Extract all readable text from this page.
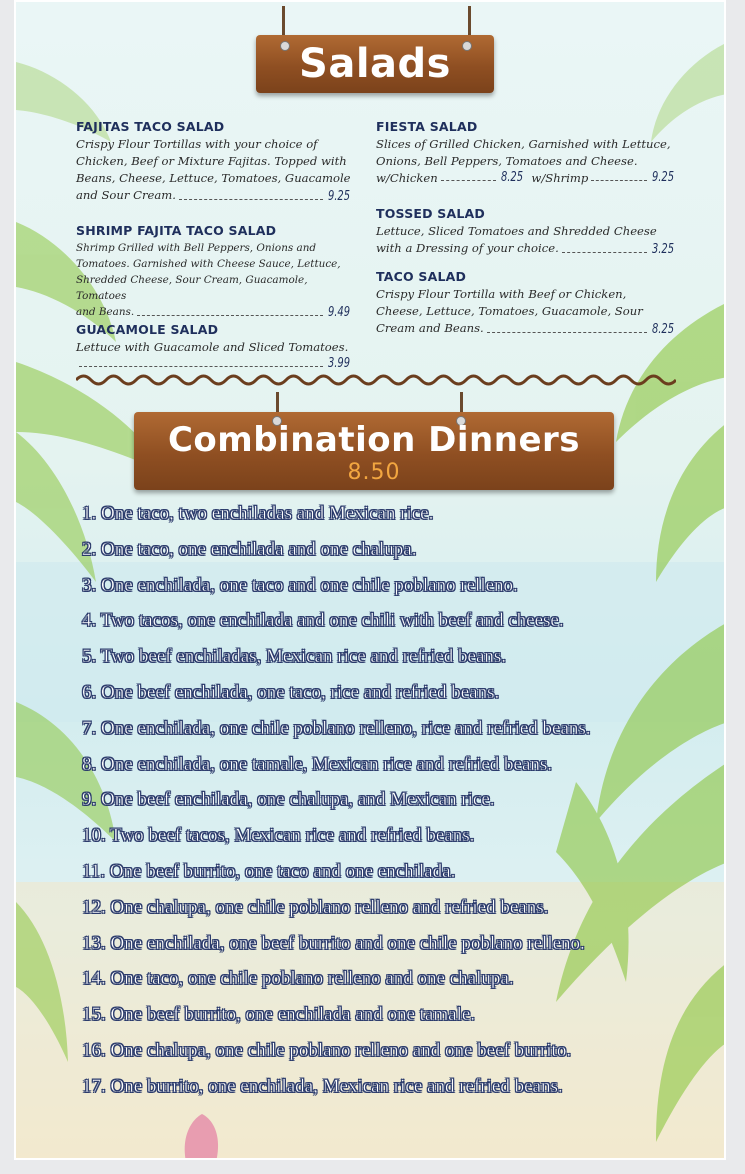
Salads
FAJITAS TACO SALAD
Crispy Flour Tortillas with your choice of Chicken, Beef or Mixture Fajitas. Topped with Beans, Cheese, Lettuce, Tomatoes, Guacamole
and Sour Cream.	9.25
SHRIMP FAJITA TACO SALAD
Shrimp Grilled with Bell Peppers, Onions and Tomatoes. Garnished with Cheese Sauce, Lettuce, Shredded Cheese, Sour Cream, Guacamole, Tomatoes
and Beans.	9.49
GUACAMOLE SALAD
Lettuce with Guacamole and Sliced Tomatoes.
3.99
FIESTA SALAD
Slices of Grilled Chicken, Garnished with Lettuce, Onions, Bell Peppers, Tomatoes and Cheese.
w/Chicken	8.25 w/Shrimp	9.25
TOSSED SALAD
Lettuce, Sliced Tomatoes and Shredded Cheese
with a Dressing of your choice.	3.25
TACO SALAD
Crispy Flour Tortilla with Beef or Chicken, Cheese, Lettuce, Tomatoes, Guacamole, Sour
Cream and Beans.	8.25
Combination Dinners
8.50
1. One taco, two enchiladas and Mexican rice.
2. One taco, one enchilada and one chalupa.
3. One enchilada, one taco and one chile poblano relleno.
4. Two tacos, one enchilada and one chili with beef and cheese.
5. Two beef enchiladas, Mexican rice and refried beans.
6. One beef enchilada, one taco, rice and refried beans.
7. One enchilada, one chile poblano relleno, rice and refried beans.
8. One enchilada, one tamale, Mexican rice and refried beans.
9. One beef enchilada, one chalupa, and Mexican rice.
10. Two beef tacos, Mexican rice and refried beans.
11. One beef burrito, one taco and one enchilada.
12. One chalupa, one chile poblano relleno and refried beans.
13. One enchilada, one beef burrito and one chile poblano relleno.
14. One taco, one chile poblano relleno and one chalupa.
15. One beef burrito, one enchilada and one tamale.
16. One chalupa, one chile poblano relleno and one beef burrito.
17. One burrito, one enchilada, Mexican rice and refried beans.
